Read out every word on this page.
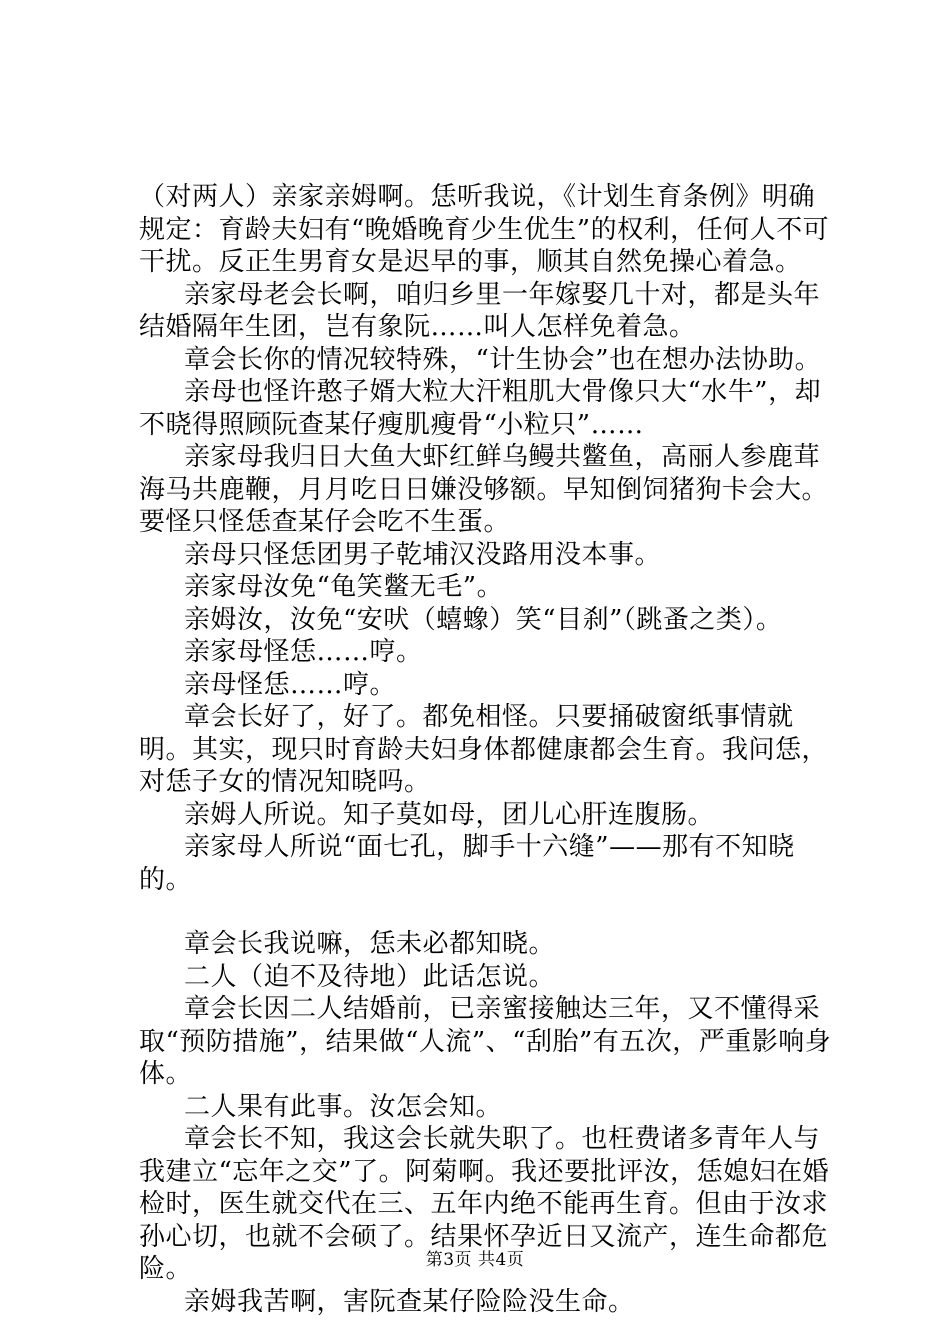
（对两人）亲家亲姆啊。恁听我说，《计划生育条例》明确规定：育龄夫妇有“晚婚晚育少生优生”的权利，任何人不可干扰。反正生男育女是迟早的事，顺其自然免操心着急。

亲家母老会长啊，咱归乡里一年嫁娶几十对，都是头年结婚隔年生团，岂有象阮……叫人怎样免着急。

章会长你的情况较特殊，“计生协会”也在想办法协助。

亲母也怪许憨子婿大粒大汗粗肌大骨像只大“水牛”，却不晓得照顾阮查某仔瘦肌瘦骨“小粒只”……

亲家母我归日大鱼大虾红鲜乌鳗共鳖鱼，高丽人参鹿茸海马共鹿鞭，月月吃日日嫌没够额。早知倒饲猪狗卡会大。要怪只怪恁查某仔会吃不生蛋。

亲母只怪恁团男子乾埔汉没路用没本事。

亲家母汝免“龟笑鳖无毛”。

亲姆汝，汝免“安吠（蟢蟓）笑“目刹”（跳蚤之类）。

亲家母怪恁……哼。

亲母怪恁……哼。

章会长好了，好了。都免相怪。只要捅破窗纸事情就明。其实，现只时育龄夫妇身体都健康都会生育。我问恁，对恁子女的情况知晓吗。

亲姆人所说。知子莫如母，团儿心肝连腹肠。

亲家母人所说“面七孔，脚手十六缝”——那有不知晓的。

章会长我说嘛，恁未必都知晓。

二人（迫不及待地）此话怎说。

章会长因二人结婚前，已亲蜜接触达三年，又不懂得采取“预防措施”，结果做“人流”、“刮胎”有五次，严重影响身体。

二人果有此事。汝怎会知。

章会长不知，我这会长就失职了。也枉费诸多青年人与我建立“忘年之交”了。阿菊啊。我还要批评汝，恁媳妇在婚检时，医生就交代在三、五年内绝不能再生育。但由于汝求孙心切，也就不会硕了。结果怀孕近日又流产，连生命都危险。

亲姆我苦啊，害阮查某仔险险没生命。

第3页 共4页
